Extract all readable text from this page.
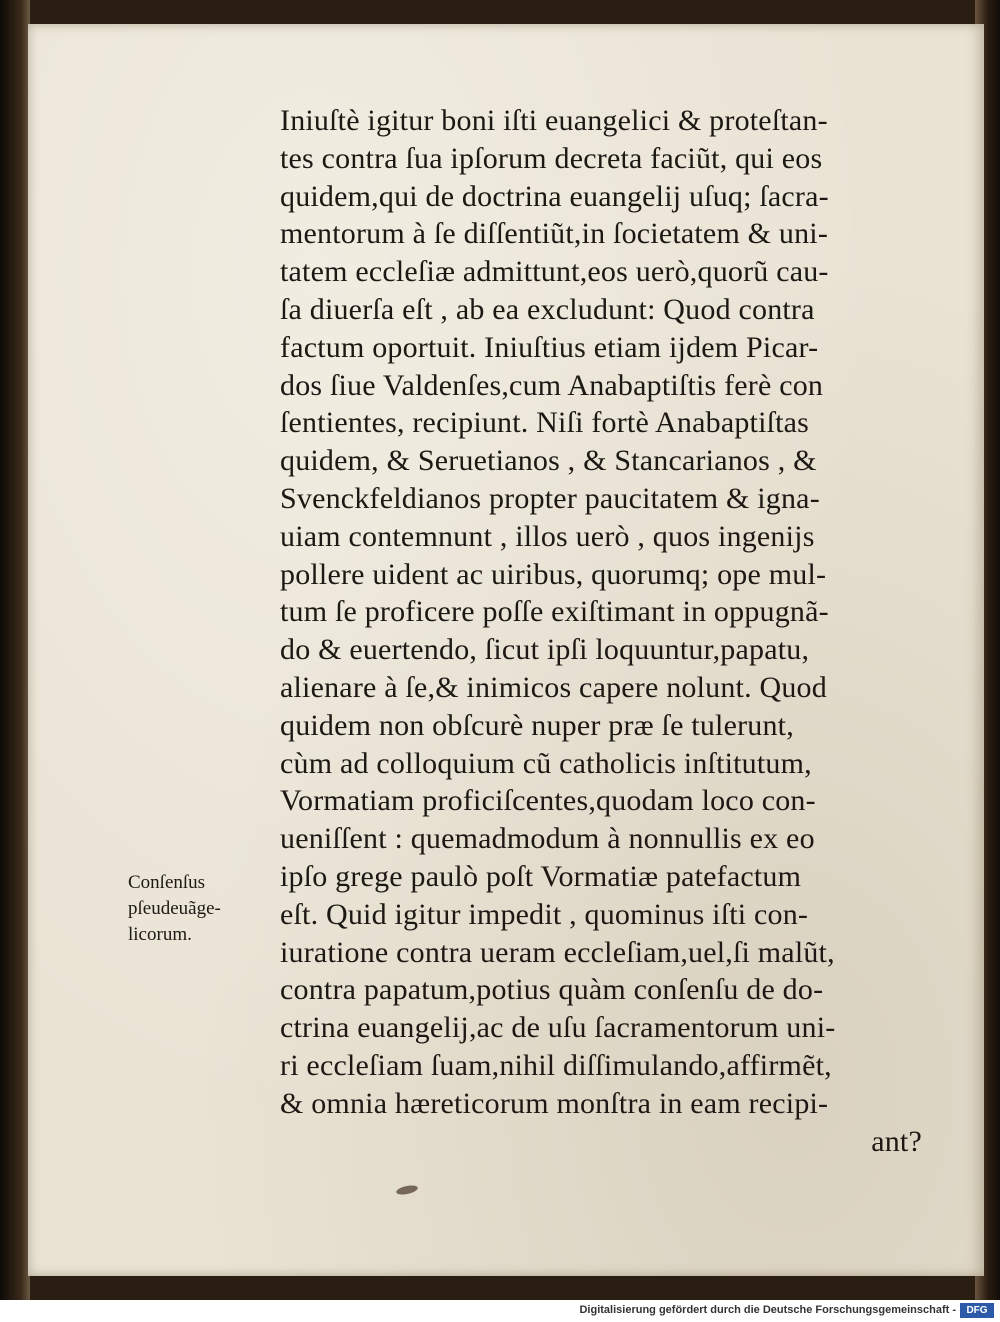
Conſenſus
pſeudeuãge-
licorum.
Iniuſtè igitur boni iſti euangelici & proteſtan-
tes contra ſua ipſorum decreta faciũt, qui eos
quidem,qui de doctrina euangelij uſuq; ſacra-
mentorum à ſe diſſentiũt,in ſocietatem & uni-
tatem eccleſiæ admittunt,eos uerò,quorũ cau-
ſa diuerſa eſt , ab ea excludunt: Quod contra
factum oportuit. Iniuſtius etiam ijdem Picar-
dos ſiue Valdenſes,cum Anabaptiſtis ferè con
ſentientes, recipiunt. Niſi fortè Anabaptiſtas
quidem, & Seruetianos , & Stancarianos , &
Svenckfeldianos propter paucitatem & igna-
uiam contemnunt , illos uerò , quos ingenijs
pollere uident ac uiribus, quorumq; ope mul-
tum ſe proficere poſſe exiſtimant in oppugnã-
do & euertendo, ſicut ipſi loquuntur,papatu,
alienare à ſe,& inimicos capere nolunt. Quod
quidem non obſcurè nuper præ ſe tulerunt,
cùm ad colloquium cũ catholicis inſtitutum,
Vormatiam proficiſcentes,quodam loco con-
ueniſſent : quemadmodum à nonnullis ex eo
ipſo grege paulò poſt Vormatiæ patefactum
eſt. Quid igitur impedit , quominus iſti con-
iuratione contra ueram eccleſiam,uel,ſi malũt,
contra papatum,potius quàm conſenſu de do-
ctrina euangelij,ac de uſu ſacramentorum uni-
ri eccleſiam ſuam,nihil diſſimulando,affirmẽt,
& omnia hæreticorum monſtra in eam recipi-
ant?
Digitalisierung gefördert durch die Deutsche Forschungsgemeinschaft -	DFG
